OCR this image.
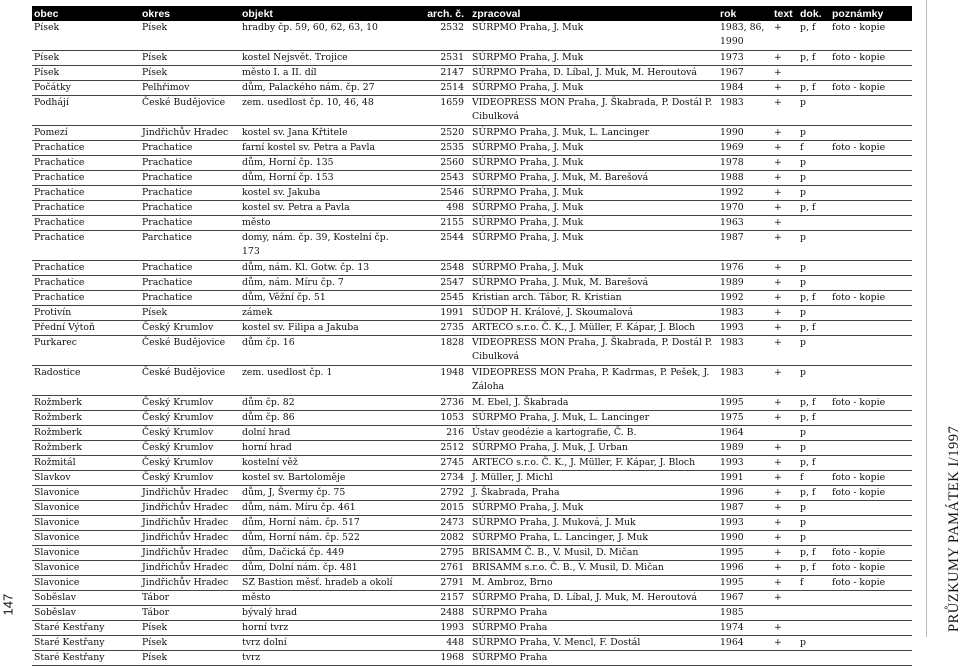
obec	okres	objekt	arch. č.	zpracoval	rok	text	dok.	poznámky
Písek	Písek	hradby čp. 59, 60, 62, 63, 10	2532	SÚRPMO Praha, J. Muk	1983, 86, 1990	+	p, f	foto - kopie
Písek	Písek	kostel Nejsvět. Trojice	2531	SÚRPMO Praha, J. Muk	1973	+	p, f	foto - kopie
Písek	Písek	město I. a II. díl	2147	SÚRPMO Praha, D. Líbal, J. Muk, M. Heroutová	1967	+		
Počátky	Pelhřimov	dům, Palackého nám. čp. 27	2514	SÚRPMO Praha, J. Muk	1984	+	p, f	foto - kopie
Podhájí	České Budějovice	zem. usedlost čp. 10, 46, 48	1659	VIDEOPRESS MON Praha, J. Škabrada, P. Dostál P. Cibulková	1983	+	p	
Pomezí	Jindřichův Hradec	kostel sv. Jana Křtitele	2520	SÚRPMO Praha, J. Muk, L. Lancinger	1990	+	p	
Prachatice	Prachatice	farní kostel sv. Petra a Pavla	2535	SÚRPMO Praha, J. Muk	1969	+	f	foto - kopie
Prachatice	Prachatice	dům, Horní čp. 135	2560	SÚRPMO Praha, J. Muk	1978	+	p	
Prachatice	Prachatice	dům, Horní čp. 153	2543	SÚRPMO Praha, J. Muk, M. Barešová	1988	+	p	
Prachatice	Prachatice	kostel sv. Jakuba	2546	SÚRPMO Praha, J. Muk	1992	+	p	
Prachatice	Prachatice	kostel sv. Petra a Pavla	498	SÚRPMO Praha, J. Muk	1970	+	p, f	
Prachatice	Prachatice	město	2155	SÚRPMO Praha, J. Muk	1963	+		
Prachatice	Parchatice	domy, nám. čp. 39, Kostelní čp. 173	2544	SÚRPMO Praha, J. Muk	1987	+	p	
Prachatice	Prachatice	dům, nám. Kl. Gotw. čp. 13	2548	SÚRPMO Praha, J. Muk	1976	+	p	
Prachatice	Prachatice	dům, nám. Míru čp. 7	2547	SÚRPMO Praha, J. Muk, M. Barešová	1989	+	p	
Prachatice	Prachatice	dům, Věžní čp. 51	2545	Kristian arch. Tábor, R. Kristian	1992	+	p, f	foto - kopie
Protivín	Písek	zámek	1991	SÚDOP H. Králové, J. Skoumalová	1983	+	p	
Přední Výtoň	Český Krumlov	kostel sv. Filipa a Jakuba	2735	ARTECO s.r.o. Č. K., J. Müller, F. Kápar, J. Bloch	1993	+	p, f	
Purkarec	České Budějovice	dům čp. 16	1828	VIDEOPRESS MON Praha, J. Škabrada, P. Dostál P. Cibulková	1983	+	p	
Radostice	České Budějovice	zem. usedlost čp. 1	1948	VIDEOPRESS MON Praha, P. Kadrmas, P. Pešek, J. Záloha	1983	+	p	
Rožmberk	Český Krumlov	dům čp. 82	2736	M. Ebel, J. Škabrada	1995	+	p, f	foto - kopie
Rožmberk	Český Krumlov	dům čp. 86	1053	SÚRPMO Praha, J. Muk, L. Lancinger	1975	+	p, f	
Rožmberk	Český Krumlov	dolní hrad	216	Ústav geodézie a kartografie, Č. B.	1964		p	
Rožmberk	Český Krumlov	horní hrad	2512	SÚRPMO Praha, J. Muk, J. Urban	1989	+	p	
Rožmitál	Český Krumlov	kostelní věž	2745	ARTECO s.r.o. Č. K., J. Müller, F. Kápar, J. Bloch	1993	+	p, f	
Slavkov	Český Krumlov	kostel sv. Bartoloměje	2734	J. Müller, J. Michl	1991	+	f	foto - kopie
Slavonice	Jindřichův Hradec	dům, J, Švermy čp. 75	2792	J. Škabrada, Praha	1996	+	p, f	foto - kopie
Slavonice	Jindřichův Hradec	dům, nám. Míru čp. 461	2015	SÚRPMO Praha, J. Muk	1987	+	p	
Slavonice	Jindřichův Hradec	dům, Horní nám. čp. 517	2473	SÚRPMO Praha, J. Muková, J. Muk	1993	+	p	
Slavonice	Jindřichův Hradec	dům, Horní nám. čp. 522	2082	SÚRPMO Praha, L. Lancinger, J. Muk	1990	+	p	
Slavonice	Jindřichův Hradec	dům, Dačická čp. 449	2795	BRISAMM Č. B., V. Musil, D. Mičan	1995	+	p, f	foto - kopie
Slavonice	Jindřichův Hradec	dům, Dolní nám. čp. 481	2761	BRISAMM s.r.o. Č. B., V. Musil, D. Mičan	1996	+	p, f	foto - kopie
Slavonice	Jindřichův Hradec	SZ Bastion měsť. hradeb a okolí	2791	M. Ambroz, Brno	1995	+	f	foto - kopie
Soběslav	Tábor	město	2157	SÚRPMO Praha, D. Líbal, J. Muk, M. Heroutová	1967	+		
Soběslav	Tábor	bývalý hrad	2488	SÚRPMO Praha	1985			
Staré Kestřany	Písek	horní tvrz	1993	SÚRPMO Praha	1974	+		
Staré Kestřany	Písek	tvrz dolní	448	SÚRPMO Praha, V. Mencl, F. Dostál	1964	+	p	
Staré Kestřany	Písek	tvrz	1968	SÚRPMO Praha				
147	PRŮZKUMY PAMÁTEK I/1997
